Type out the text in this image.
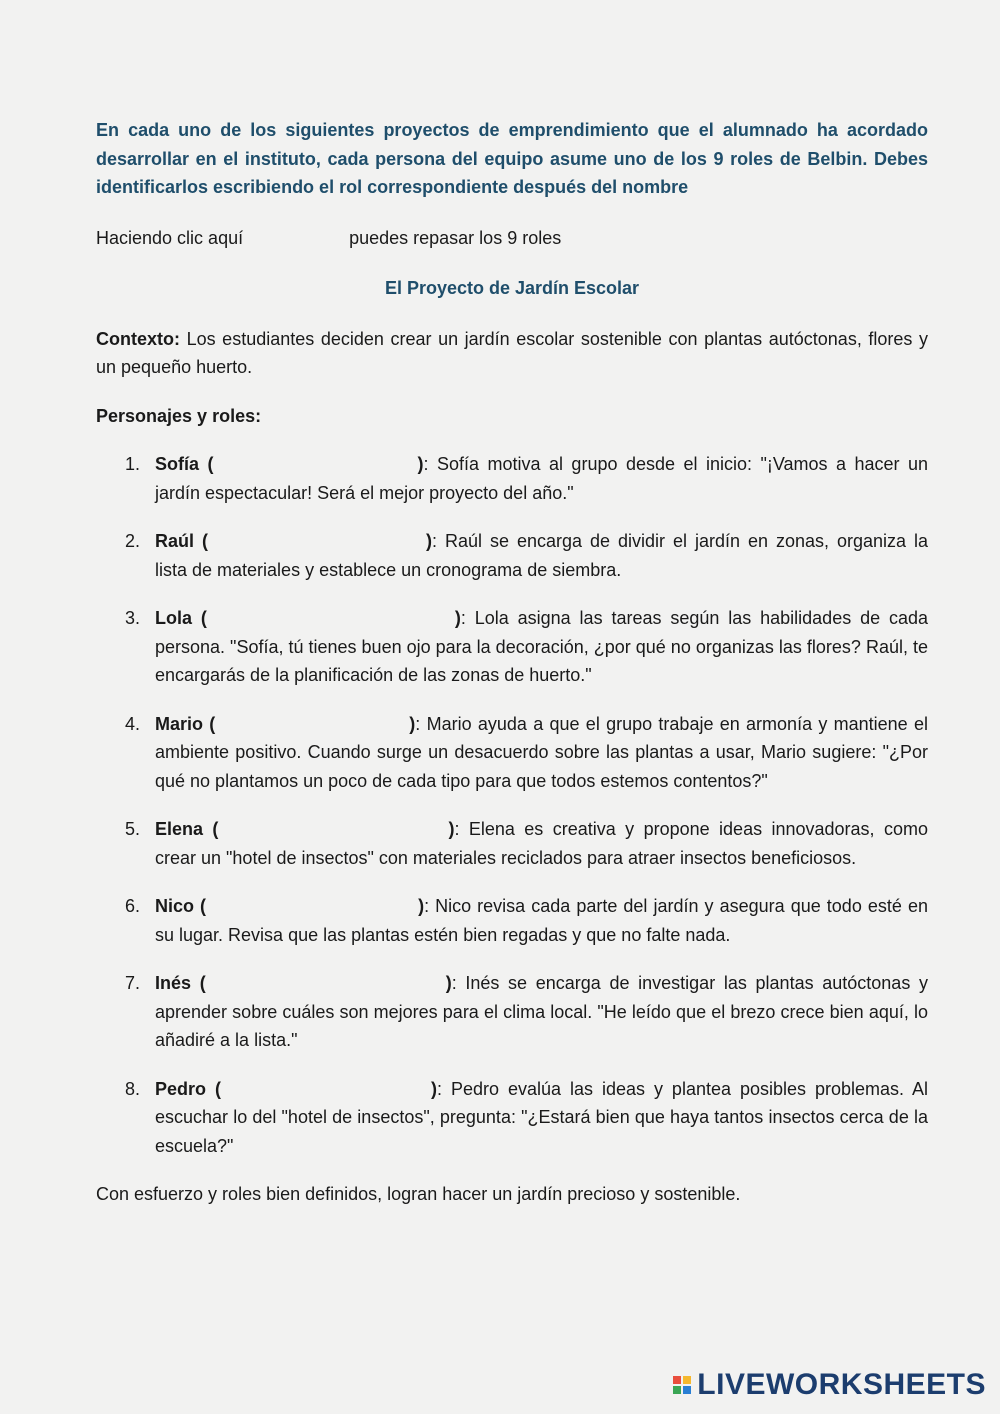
En cada uno de los siguientes proyectos de emprendimiento que el alumnado ha acordado desarrollar en el instituto, cada persona del equipo asume uno de los 9 roles de Belbin. Debes identificarlos escribiendo el rol correspondiente después del nombre

Haciendo clic aquí	puedes repasar los 9 roles

El Proyecto de Jardín Escolar

Contexto: Los estudiantes deciden crear un jardín escolar sostenible con plantas autóctonas, flores y un pequeño huerto.

Personajes y roles:

1. Sofía (	): Sofía motiva al grupo desde el inicio: "¡Vamos a hacer un jardín espectacular! Será el mejor proyecto del año."
2. Raúl (	): Raúl se encarga de dividir el jardín en zonas, organiza la lista de materiales y establece un cronograma de siembra.
3. Lola (	): Lola asigna las tareas según las habilidades de cada persona. "Sofía, tú tienes buen ojo para la decoración, ¿por qué no organizas las flores? Raúl, te encargarás de la planificación de las zonas de huerto."
4. Mario (	): Mario ayuda a que el grupo trabaje en armonía y mantiene el ambiente positivo. Cuando surge un desacuerdo sobre las plantas a usar, Mario sugiere: "¿Por qué no plantamos un poco de cada tipo para que todos estemos contentos?"
5. Elena (	): Elena es creativa y propone ideas innovadoras, como crear un "hotel de insectos" con materiales reciclados para atraer insectos beneficiosos.
6. Nico (	): Nico revisa cada parte del jardín y asegura que todo esté en su lugar. Revisa que las plantas estén bien regadas y que no falte nada.
7. Inés (	): Inés se encarga de investigar las plantas autóctonas y aprender sobre cuáles son mejores para el clima local. "He leído que el brezo crece bien aquí, lo añadiré a la lista."
8. Pedro (	): Pedro evalúa las ideas y plantea posibles problemas. Al escuchar lo del "hotel de insectos", pregunta: "¿Estará bien que haya tantos insectos cerca de la escuela?"

Con esfuerzo y roles bien definidos, logran hacer un jardín precioso y sostenible.

LIVEWORKSHEETS
